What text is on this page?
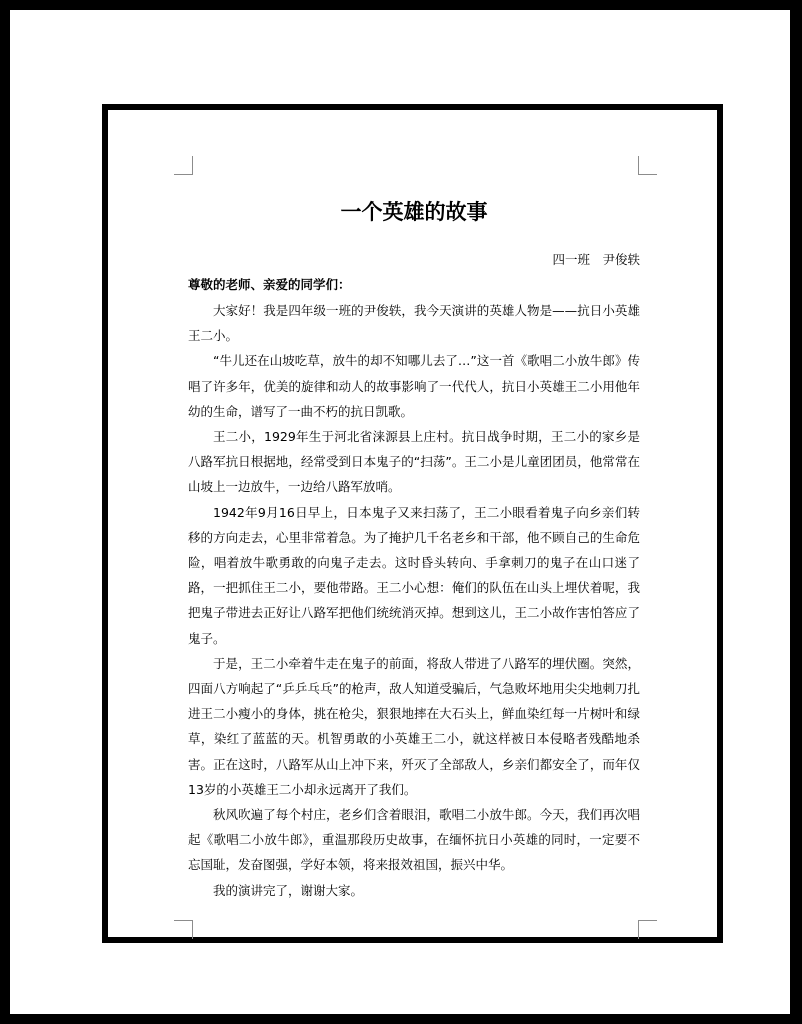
一个英雄的故事

四一班　尹俊轶

尊敬的老师、亲爱的同学们：

大家好！我是四年级一班的尹俊轶，我今天演讲的英雄人物是——抗日小英雄王二小。

“牛儿还在山坡吃草，放牛的却不知哪儿去了…”这一首《歌唱二小放牛郎》传唱了许多年，优美的旋律和动人的故事影响了一代代人，抗日小英雄王二小用他年幼的生命，谱写了一曲不朽的抗日凯歌。

王二小，1929年生于河北省涞源县上庄村。抗日战争时期，王二小的家乡是八路军抗日根据地，经常受到日本鬼子的“扫荡”。王二小是儿童团团员，他常常在山坡上一边放牛，一边给八路军放哨。

1942年9月16日早上，日本鬼子又来扫荡了，王二小眼看着鬼子向乡亲们转移的方向走去，心里非常着急。为了掩护几千名老乡和干部，他不顾自己的生命危险，唱着放牛歌勇敢的向鬼子走去。这时昏头转向、手拿刺刀的鬼子在山口迷了路，一把抓住王二小，要他带路。王二小心想：俺们的队伍在山头上埋伏着呢，我把鬼子带进去正好让八路军把他们统统消灭掉。想到这儿，王二小故作害怕答应了鬼子。

于是，王二小牵着牛走在鬼子的前面，将敌人带进了八路军的埋伏圈。突然，四面八方响起了“乒乒乓乓”的枪声，敌人知道受骗后，气急败坏地用尖尖地刺刀扎进王二小瘦小的身体，挑在枪尖，狠狠地摔在大石头上，鲜血染红每一片树叶和绿草，染红了蓝蓝的天。机智勇敢的小英雄王二小，就这样被日本侵略者残酷地杀害。正在这时，八路军从山上冲下来，歼灭了全部敌人，乡亲们都安全了，而年仅13岁的小英雄王二小却永远离开了我们。

秋风吹遍了每个村庄，老乡们含着眼泪，歌唱二小放牛郎。今天，我们再次唱起《歌唱二小放牛郎》，重温那段历史故事，在缅怀抗日小英雄的同时，一定要不忘国耻，发奋图强，学好本领，将来报效祖国，振兴中华。

我的演讲完了，谢谢大家。
